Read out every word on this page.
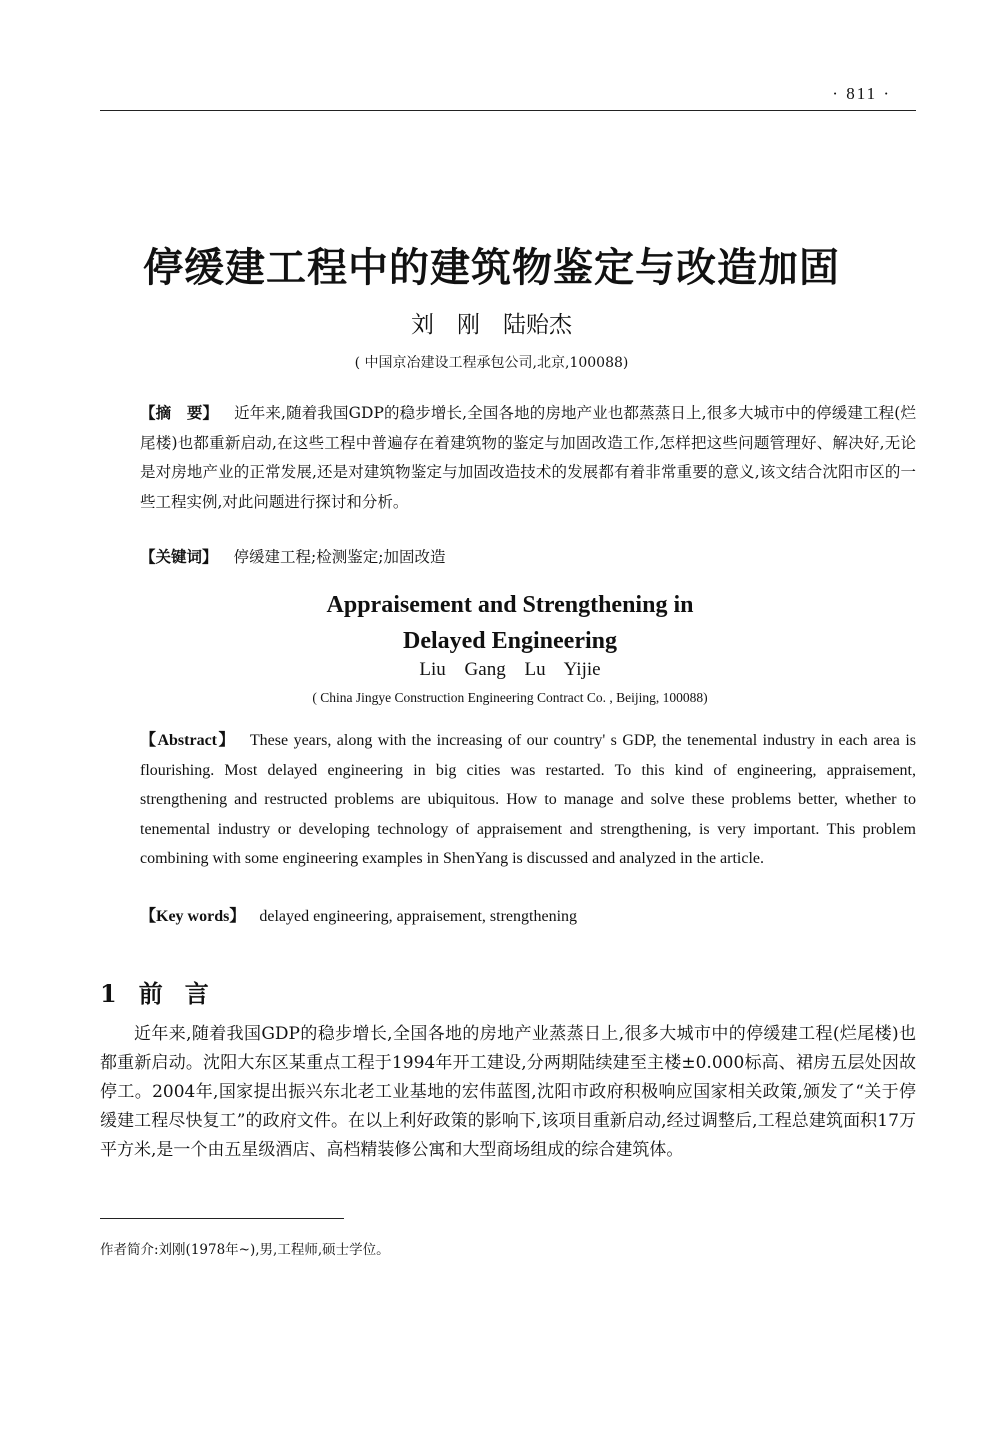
· 811 ·
停缓建工程中的建筑物鉴定与改造加固
刘　刚　陆贻杰
( 中国京冶建设工程承包公司,北京,100088)
【摘　要】 近年来,随着我国GDP的稳步增长,全国各地的房地产业也都蒸蒸日上,很多大城市中的停缓建工程(烂尾楼)也都重新启动,在这些工程中普遍存在着建筑物的鉴定与加固改造工作,怎样把这些问题管理好、解决好,无论是对房地产业的正常发展,还是对建筑物鉴定与加固改造技术的发展都有着非常重要的意义,该文结合沈阳市区的一些工程实例,对此问题进行探讨和分析。
【关键词】 停缓建工程;检测鉴定;加固改造
Appraisement and Strengthening in
Delayed Engineering
Liu Gang Lu Yijie
( China Jingye Construction Engineering Contract Co. , Beijing, 100088)
【Abstract】 These years, along with the increasing of our country' s GDP, the tenemental industry in each area is flourishing. Most delayed engineering in big cities was restarted. To this kind of engineering, appraisement, strengthening and restructed problems are ubiquitous. How to manage and solve these problems better, whether to tenemental industry or developing technology of appraisement and strengthening, is very important. This problem combining with some engineering examples in ShenYang is discussed and analyzed in the article.
【Key words】 delayed engineering, appraisement, strengthening
1 前言
近年来,随着我国GDP的稳步增长,全国各地的房地产业蒸蒸日上,很多大城市中的停缓建工程(烂尾楼)也都重新启动。沈阳大东区某重点工程于1994年开工建设,分两期陆续建至主楼±0.000标高、裙房五层处因故停工。2004年,国家提出振兴东北老工业基地的宏伟蓝图,沈阳市政府积极响应国家相关政策,颁发了“关于停缓建工程尽快复工”的政府文件。在以上利好政策的影响下,该项目重新启动,经过调整后,工程总建筑面积17万平方米,是一个由五星级酒店、高档精装修公寓和大型商场组成的综合建筑体。
作者简介:刘刚(1978年~),男,工程师,硕士学位。
